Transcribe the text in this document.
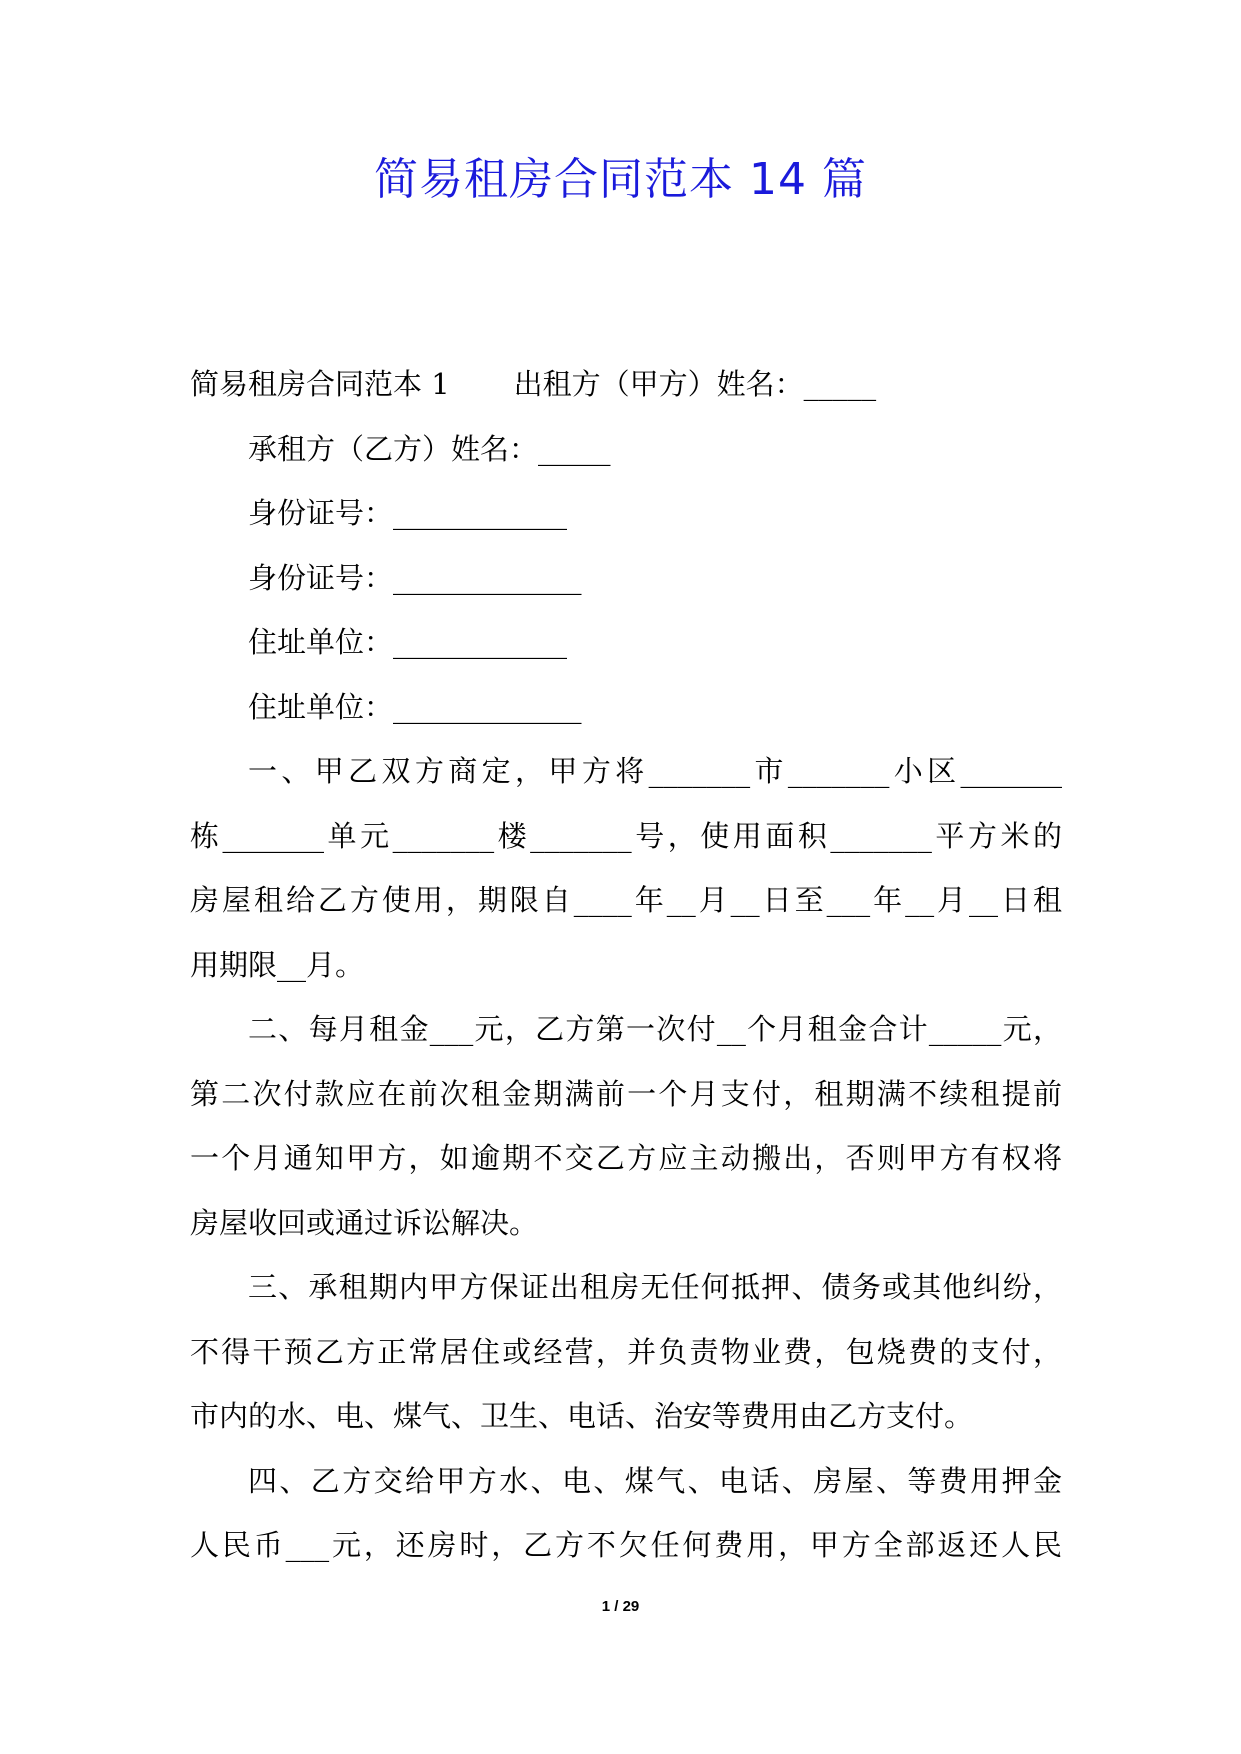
简易租房合同范本 14 篇
简易租房合同范本 1 出租方（甲方）姓名：_____
承租方（乙方）姓名：_____
身份证号：____________
身份证号：_____________
住址单位：____________
住址单位：_____________
一、甲乙双方商定，甲方将_______市_______小区_______
栋_______单元_______楼_______号，使用面积_______平方米的
房屋租给乙方使用，期限自____年__月__日至___年__月__日租
用期限__月。
二、每月租金___元，乙方第一次付__个月租金合计_____元，
第二次付款应在前次租金期满前一个月支付，租期满不续租提前
一个月通知甲方，如逾期不交乙方应主动搬出，否则甲方有权将
房屋收回或通过诉讼解决。
三、承租期内甲方保证出租房无任何抵押、债务或其他纠纷，
不得干预乙方正常居住或经营，并负责物业费，包烧费的支付，
市内的水、电、煤气、卫生、电话、治安等费用由乙方支付。
四、乙方交给甲方水、电、煤气、电话、房屋、等费用押金
人民币___元，还房时，乙方不欠任何费用，甲方全部返还人民
1 / 29
